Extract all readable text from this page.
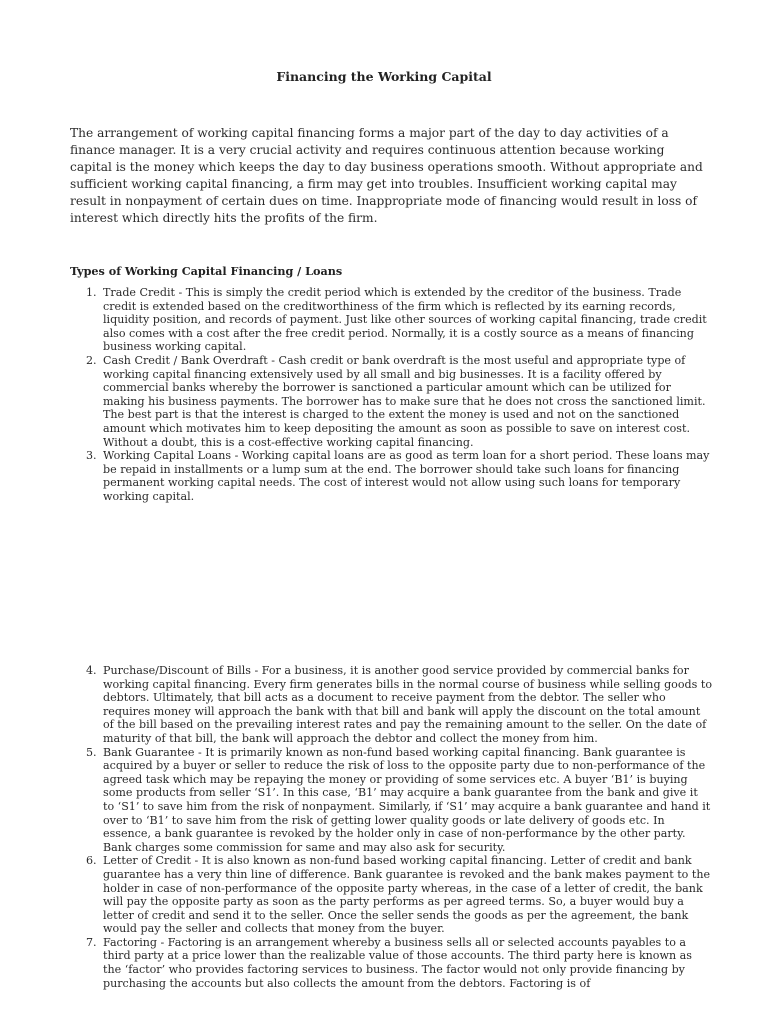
Financing the Working Capital

The arrangement of working capital financing forms a major part of the day to day activities of a finance manager. It is a very crucial activity and requires continuous attention because working capital is the money which keeps the day to day business operations smooth. Without appropriate and sufficient working capital financing, a firm may get into troubles. Insufficient working capital may result in nonpayment of certain dues on time. Inappropriate mode of financing would result in loss of interest which directly hits the profits of the firm.

Types of Working Capital Financing / Loans

1. Trade Credit - This is simply the credit period which is extended by the creditor of the business. Trade credit is extended based on the creditworthiness of the firm which is reflected by its earning records, liquidity position, and records of payment. Just like other sources of working capital financing, trade credit also comes with a cost after the free credit period. Normally, it is a costly source as a means of financing business working capital.
2. Cash Credit / Bank Overdraft - Cash credit or bank overdraft is the most useful and appropriate type of working capital financing extensively used by all small and big businesses. It is a facility offered by commercial banks whereby the borrower is sanctioned a particular amount which can be utilized for making his business payments. The borrower has to make sure that he does not cross the sanctioned limit. The best part is that the interest is charged to the extent the money is used and not on the sanctioned amount which motivates him to keep depositing the amount as soon as possible to save on interest cost. Without a doubt, this is a cost-effective working capital financing.
3. Working Capital Loans - Working capital loans are as good as term loan for a short period. These loans may be repaid in installments or a lump sum at the end. The borrower should take such loans for financing permanent working capital needs. The cost of interest would not allow using such loans for temporary working capital.
4. Purchase/Discount of Bills - For a business, it is another good service provided by commercial banks for working capital financing. Every firm generates bills in the normal course of business while selling goods to debtors. Ultimately, that bill acts as a document to receive payment from the debtor. The seller who requires money will approach the bank with that bill and bank will apply the discount on the total amount of the bill based on the prevailing interest rates and pay the remaining amount to the seller. On the date of maturity of that bill, the bank will approach the debtor and collect the money from him.
5. Bank Guarantee - It is primarily known as non-fund based working capital financing. Bank guarantee is acquired by a buyer or seller to reduce the risk of loss to the opposite party due to non-performance of the agreed task which may be repaying the money or providing of some services etc. A buyer ‘B1’ is buying some products from seller ‘S1’. In this case, ‘B1’ may acquire a bank guarantee from the bank and give it to ‘S1’ to save him from the risk of nonpayment. Similarly, if ‘S1’ may acquire a bank guarantee and hand it over to ‘B1’ to save him from the risk of getting lower quality goods or late delivery of goods etc. In essence, a bank guarantee is revoked by the holder only in case of non-performance by the other party. Bank charges some commission for same and may also ask for security.
6. Letter of Credit - It is also known as non-fund based working capital financing. Letter of credit and bank guarantee has a very thin line of difference. Bank guarantee is revoked and the bank makes payment to the holder in case of non-performance of the opposite party whereas, in the case of a letter of credit, the bank will pay the opposite party as soon as the party performs as per agreed terms. So, a buyer would buy a letter of credit and send it to the seller. Once the seller sends the goods as per the agreement, the bank would pay the seller and collects that money from the buyer.
7. Factoring - Factoring is an arrangement whereby a business sells all or selected accounts payables to a third party at a price lower than the realizable value of those accounts. The third party here is known as the ‘factor’ who provides factoring services to business. The factor would not only provide financing by purchasing the accounts but also collects the amount from the debtors. Factoring is of
